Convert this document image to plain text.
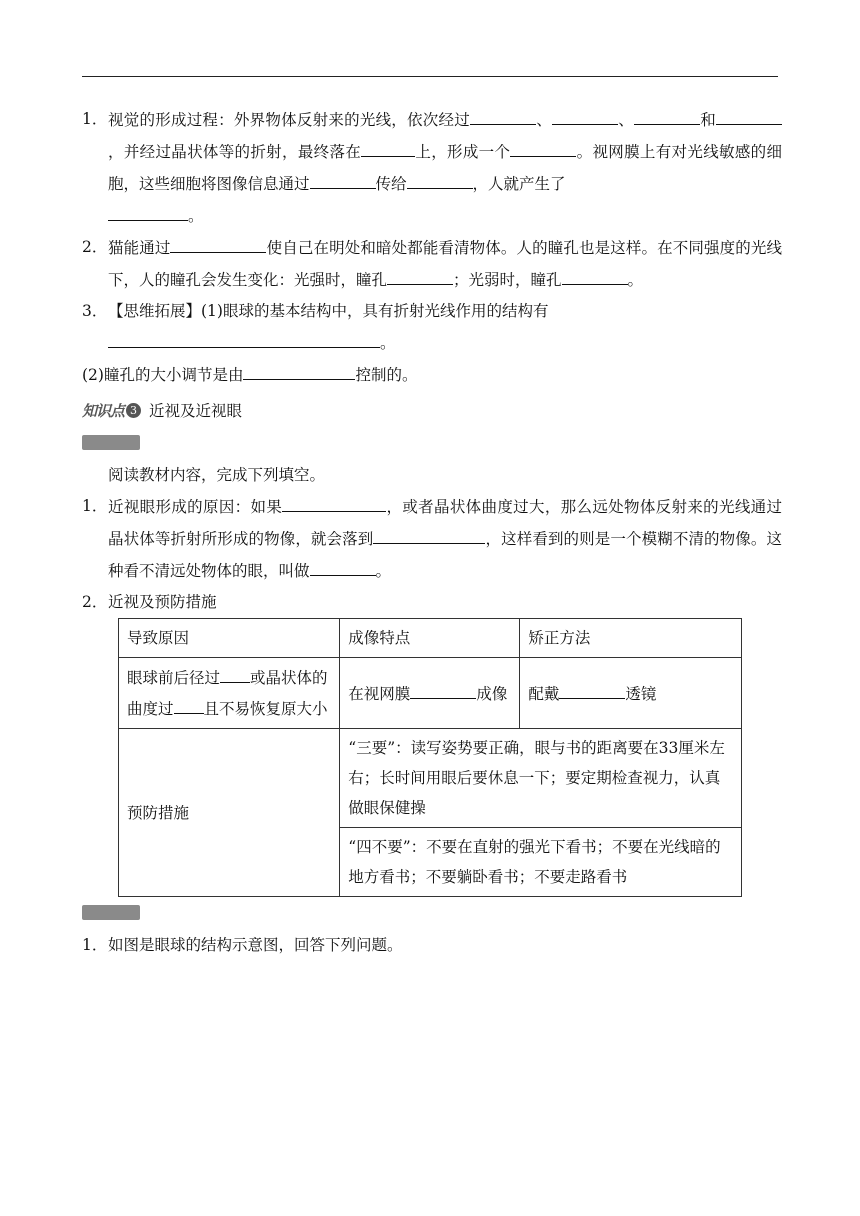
1． 视觉的形成过程：外界物体反射来的光线，依次经过	、	、	和，并经过晶状体等的折射，最终落在	上，形成一个	。视网膜上有对光线敏感的细胞，这些细胞将图像信息通过	传给	，人就产生了
。
2． 猫能通过	使自己在明处和暗处都能看清物体。人的瞳孔也是这样。在不同强度的光线下，人的瞳孔会发生变化：光强时，瞳孔	；光弱时，瞳孔	。
3． 【思维拓展】(1)眼球的基本结构中，具有折射光线作用的结构有
。
(2)瞳孔的大小调节是由	控制的。
知识点 3 近视及近视眼
阅读教材内容，完成下列填空。
1． 近视眼形成的原因：如果	，或者晶状体曲度过大，那么远处物体反射来的光线通过晶状体等折射所形成的物像，就会落到	，这样看到的则是一个模糊不清的物像。这种看不清远处物体的眼，叫做	。
2． 近视及预防措施
导致原因	成像特点	矫正方法
眼球前后径过 或晶状体的曲度过 且不易恢复原大小	在视网膜 成像	配戴 透镜
预防措施	“三要”：读写姿势要正确，眼与书的距离要在33厘米左右；长时间用眼后要休息一下；要定期检查视力，认真做眼保健操	
	“四不要”：不要在直射的强光下看书；不要在光线暗的地方看书；不要躺卧看书；不要走路看书	
1． 如图是眼球的结构示意图，回答下列问题。
